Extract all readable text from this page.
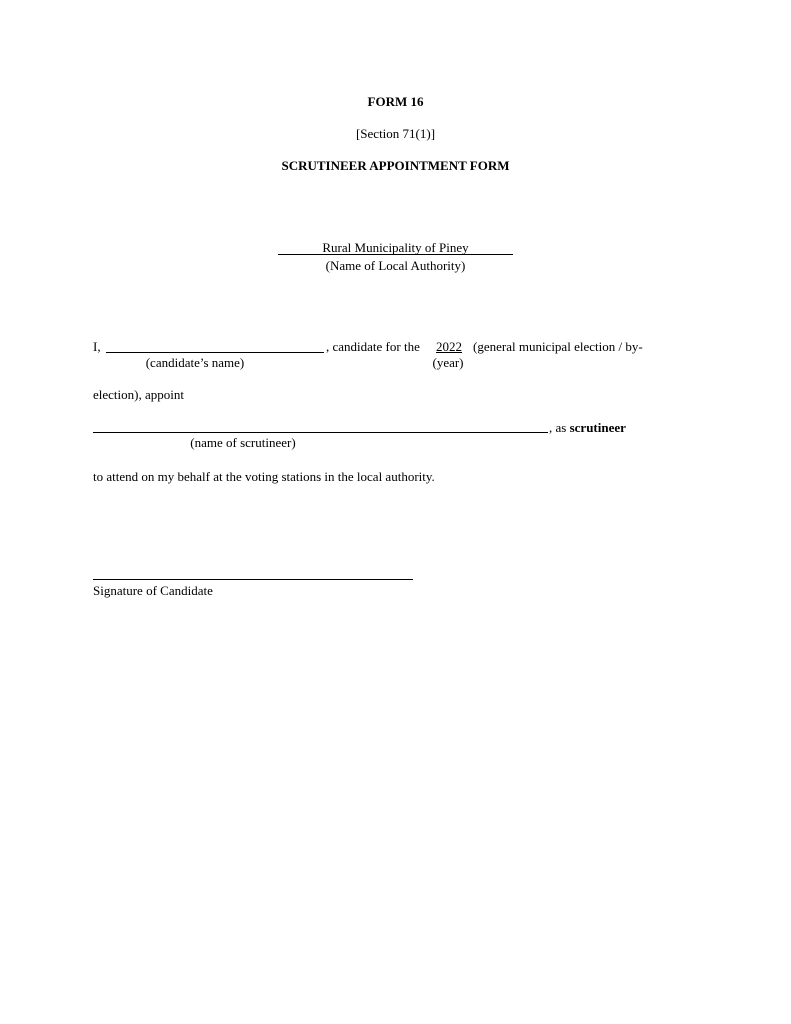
FORM 16
[Section 71(1)]
SCRUTINEER APPOINTMENT FORM
Rural Municipality of Piney
(Name of Local Authority)
I,	, candidate for the 2022 (general municipal election / by-
(candidate’s name)	(year)
election), appoint
, as scrutineer
(name of scrutineer)
to attend on my behalf at the voting stations in the local authority.
Signature of Candidate
